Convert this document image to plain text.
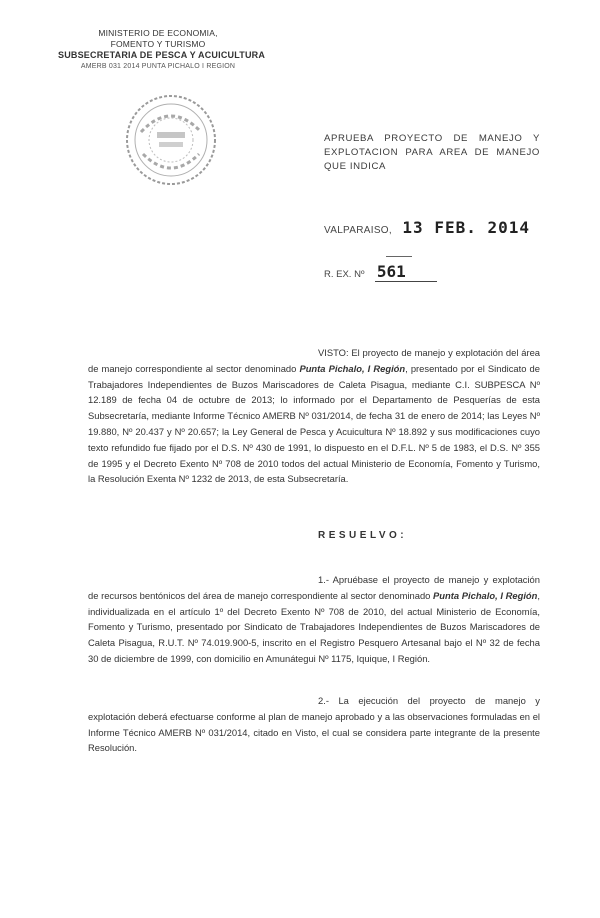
MINISTERIO DE ECONOMIA,
FOMENTO Y TURISMO
SUBSECRETARIA DE PESCA Y ACUICULTURA
AMERB 031 2014 PUNTA PICHALO I REGION
APRUEBA PROYECTO DE MANEJO Y EXPLOTACION PARA AREA DE MANEJO QUE INDICA
VALPARAISO, 13 FEB. 2014
R. EX. Nº 561
VISTO: El proyecto de manejo y explotación del área de manejo correspondiente al sector denominado Punta Pichalo, I Región, presentado por el Sindicato de Trabajadores Independientes de Buzos Mariscadores de Caleta Pisagua, mediante C.I. SUBPESCA Nº 12.189 de fecha 04 de octubre de 2013; lo informado por el Departamento de Pesquerías de esta Subsecretaría, mediante Informe Técnico AMERB Nº 031/2014, de fecha 31 de enero de 2014; las Leyes Nº 19.880, Nº 20.437 y Nº 20.657; la Ley General de Pesca y Acuicultura Nº 18.892 y sus modificaciones cuyo texto refundido fue fijado por el D.S. Nº 430 de 1991, lo dispuesto en el D.F.L. Nº 5 de 1983, el D.S. Nº 355 de 1995 y el Decreto Exento Nº 708 de 2010 todos del actual Ministerio de Economía, Fomento y Turismo, la Resolución Exenta Nº 1232 de 2013, de esta Subsecretaría.
RESUELVO:
1.- Apruébase el proyecto de manejo y explotación de recursos bentónicos del área de manejo correspondiente al sector denominado Punta Pichalo, I Región, individualizada en el artículo 1º del Decreto Exento Nº 708 de 2010, del actual Ministerio de Economía, Fomento y Turismo, presentado por Sindicato de Trabajadores Independientes de Buzos Mariscadores de Caleta Pisagua, R.U.T. Nº 74.019.900-5, inscrito en el Registro Pesquero Artesanal bajo el Nº 32 de fecha 30 de diciembre de 1999, con domicilio en Amunátegui Nº 1175, Iquique, I Región.
2.- La ejecución del proyecto de manejo y explotación deberá efectuarse conforme al plan de manejo aprobado y a las observaciones formuladas en el Informe Técnico AMERB Nº 031/2014, citado en Visto, el cual se considera parte integrante de la presente Resolución.
